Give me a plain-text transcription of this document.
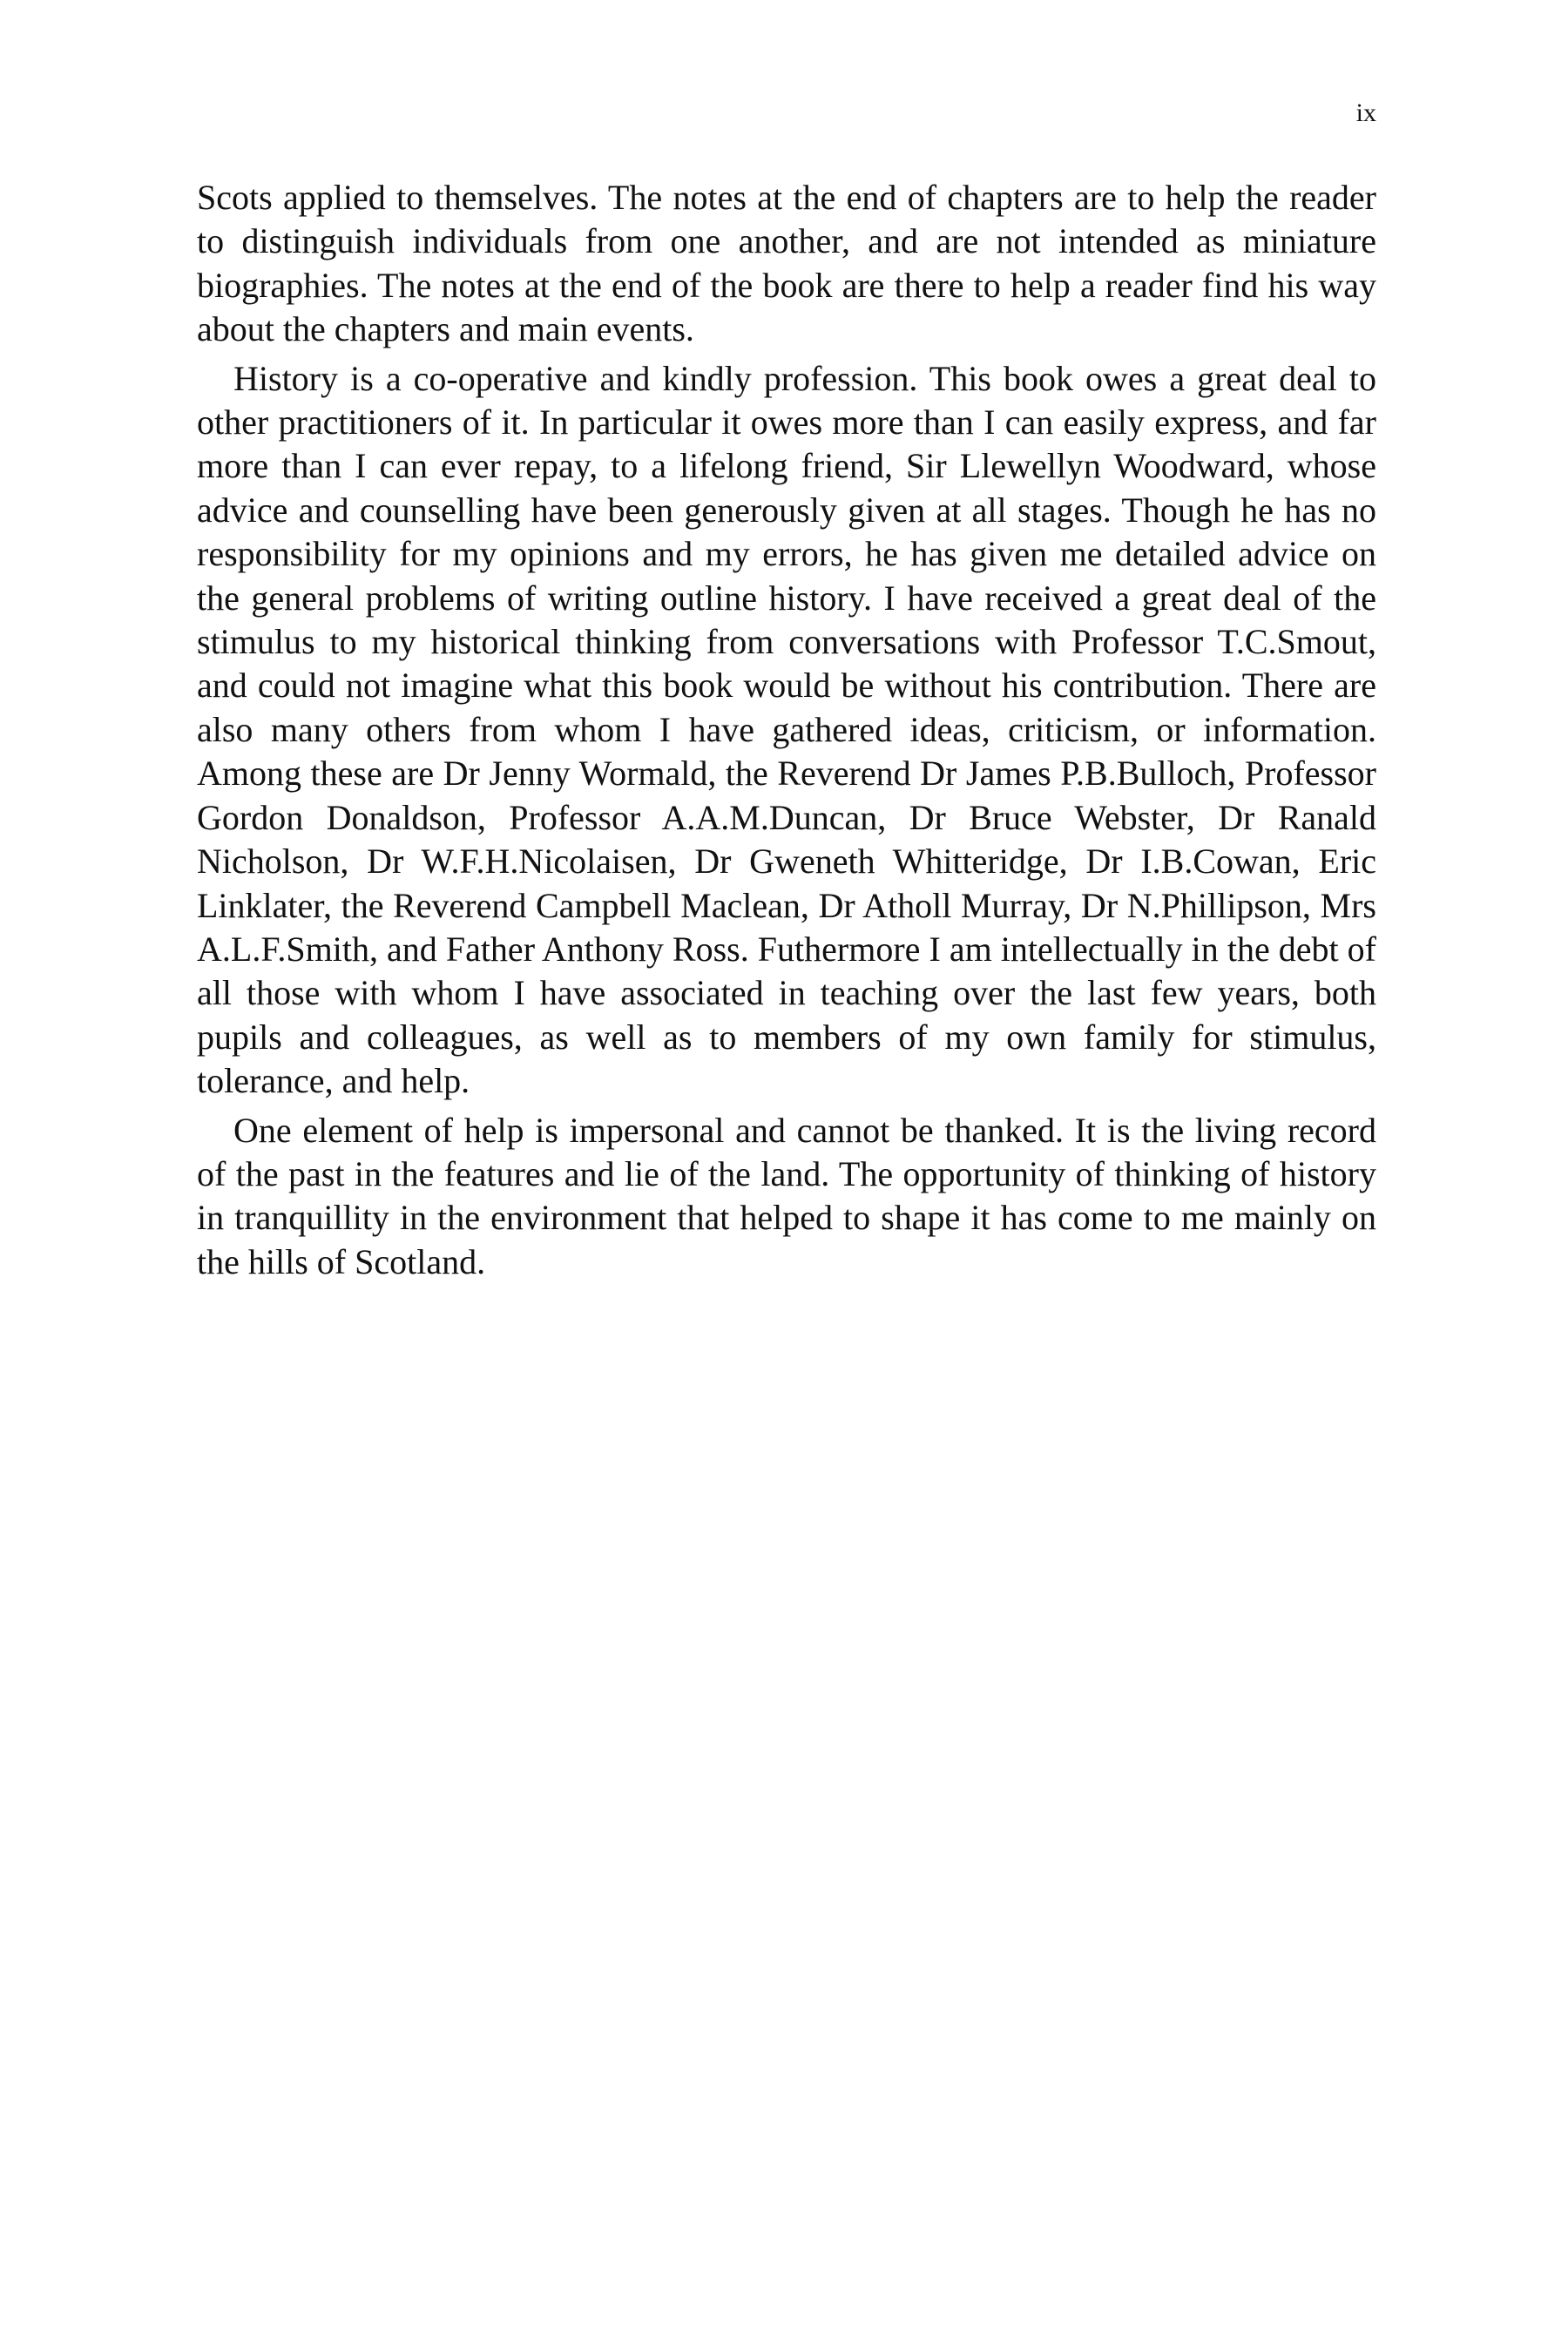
ix

Scots applied to themselves. The notes at the end of chapters are to help the reader to distinguish individuals from one another, and are not intended as miniature biographies. The notes at the end of the book are there to help a reader find his way about the chapters and main events.

History is a co-operative and kindly profession. This book owes a great deal to other practitioners of it. In particular it owes more than I can easily express, and far more than I can ever repay, to a lifelong friend, Sir Llewellyn Woodward, whose advice and counselling have been generously given at all stages. Though he has no responsibility for my opinions and my errors, he has given me detailed advice on the general problems of writing outline history. I have received a great deal of the stimulus to my historical thinking from conversations with Professor T.C.Smout, and could not imagine what this book would be without his contribution. There are also many others from whom I have gathered ideas, criticism, or information. Among these are Dr Jenny Wormald, the Reverend Dr James P.B.Bulloch, Professor Gordon Donaldson, Professor A.A.M.Duncan, Dr Bruce Webster, Dr Ranald Nicholson, Dr W.F.H.Nicolaisen, Dr Gweneth Whitteridge, Dr I.B.Cowan, Eric Linklater, the Reverend Campbell Maclean, Dr Atholl Murray, Dr N.Phillipson, Mrs A.L.F.Smith, and Father Anthony Ross. Futhermore I am intellectually in the debt of all those with whom I have associated in teaching over the last few years, both pupils and colleagues, as well as to members of my own family for stimulus, tolerance, and help.

One element of help is impersonal and cannot be thanked. It is the living record of the past in the features and lie of the land. The opportunity of thinking of history in tranquillity in the environment that helped to shape it has come to me mainly on the hills of Scotland.
